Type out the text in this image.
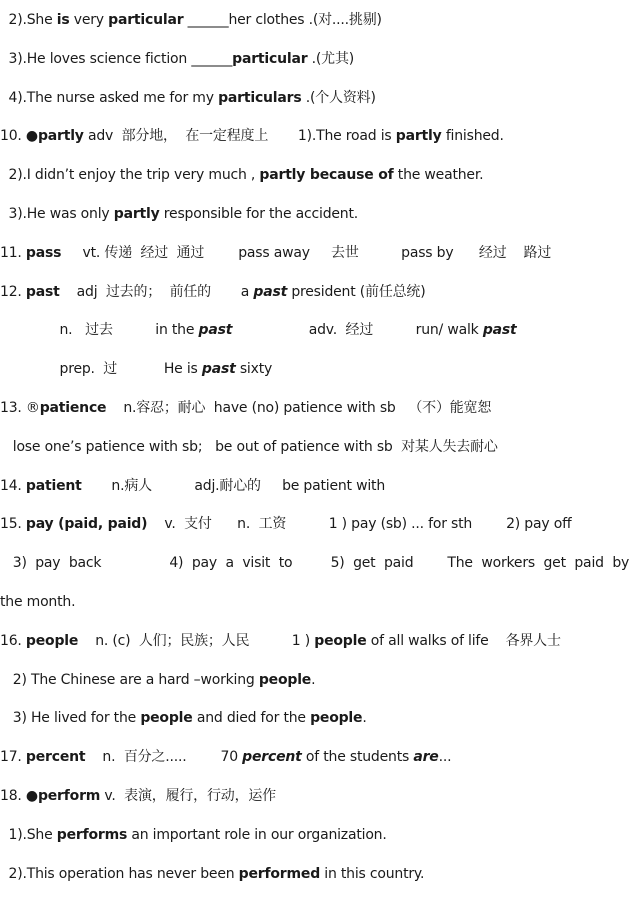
2).She is very particular ______her clothes .(对....挑剔)
3).He loves science fiction ______particular .(尤其)
4).The nurse asked me for my particulars .(个人资料)
10. ●partly adv  部分地，  在一定程度上       1).The road is partly finished.
2).I didn’t enjoy the trip very much , partly because of the weather.
3).He was only partly responsible for the accident.
11. pass     vt. 传递  经过  通过        pass away     去世          pass by      经过    路过
12. past    adj  过去的；  前任的       a past president (前任总统)
n.   过去          in the past                  adv.  经过          run/ walk past
prep.  过           He is past sixty
13. ®patience    n.容忍；耐心  have (no) patience with sb   （不）能宽恕
lose one’s patience with sb;   be out of patience with sb  对某人失去耐心
14. patient       n.病人          adj.耐心的     be patient with
15. pay (paid, paid)    v.  支付      n.  工资          1 ) pay (sb) ... for sth        2) pay off
3)  pay  back                4)  pay  a  visit  to         5)  get  paid        The  workers  get  paid  by
the month.
16. people    n. (c)  人们；民族；人民          1 ) people of all walks of life    各界人士
2) The Chinese are a hard –working people.
3) He lived for the people and died for the people.
17. percent    n.  百分之.....        70 percent of the students are...
18. ●perform v.  表演，履行，行动，运作
1).She performs an important role in our organization.
2).This operation has never been performed in this country.
